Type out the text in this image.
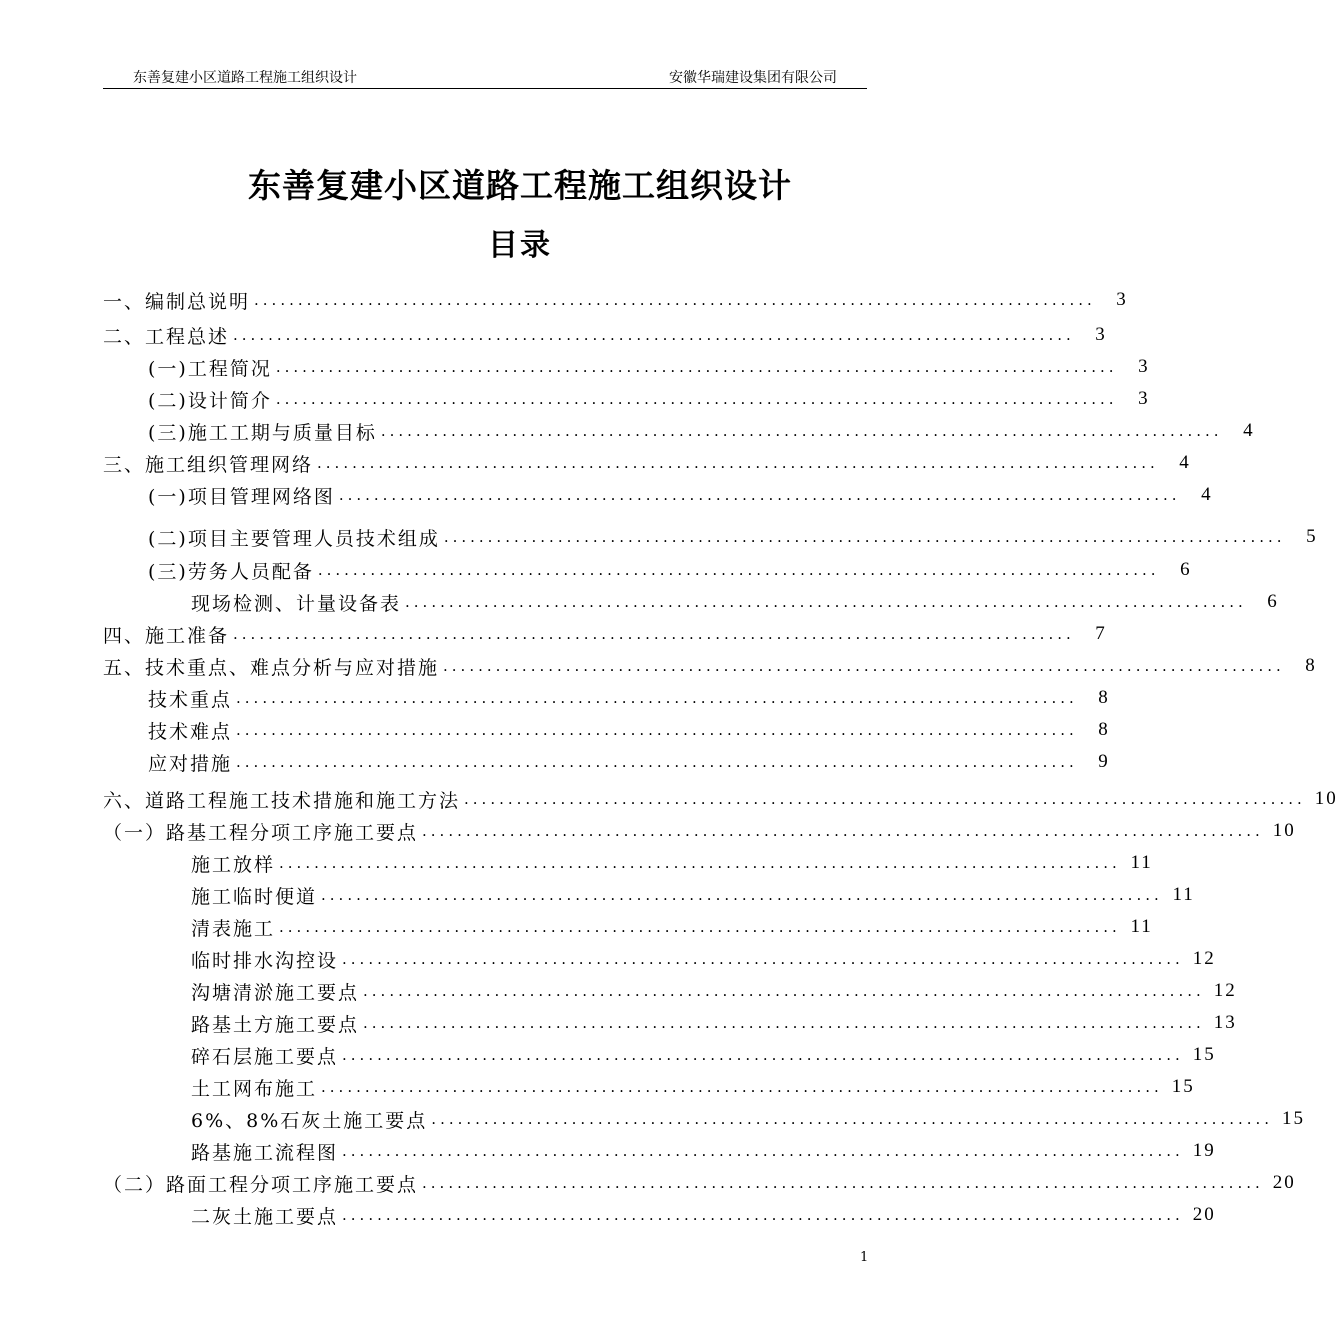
东善复建小区道路工程施工组织设计	安徽华瑞建设集团有限公司
东善复建小区道路工程施工组织设计
目录
一、编制总说明 ................................................................................................	3
二、工程总述 ................................................................................................	3
(一)工程简况 ................................................................................................	3
(二)设计简介 ................................................................................................	3
(三)施工工期与质量目标 ................................................................................................	4
三、施工组织管理网络 ................................................................................................	4
(一)项目管理网络图 ................................................................................................	4
(二)项目主要管理人员技术组成 ................................................................................................	5
(三)劳务人员配备 ................................................................................................	6
现场检测、计量设备表 ................................................................................................	6
四、施工准备 ................................................................................................	7
五、技术重点、难点分析与应对措施 ................................................................................................	8
技术重点 ................................................................................................	8
技术难点 ................................................................................................	8
应对措施 ................................................................................................	9
六、道路工程施工技术措施和施工方法 ................................................................................................ 10
（一）路基工程分项工序施工要点 ................................................................................................ 10
施工放样 ................................................................................................ 11
施工临时便道 ................................................................................................ 11
清表施工 ................................................................................................ 11
临时排水沟控设 ................................................................................................ 12
沟塘清淤施工要点 ................................................................................................ 12
路基土方施工要点 ................................................................................................ 13
碎石层施工要点 ................................................................................................ 15
土工网布施工 ................................................................................................ 15
6%、8%石灰土施工要点 ................................................................................................ 15
路基施工流程图 ................................................................................................ 19
（二）路面工程分项工序施工要点 ................................................................................................ 20
二灰土施工要点 ................................................................................................ 20
1
